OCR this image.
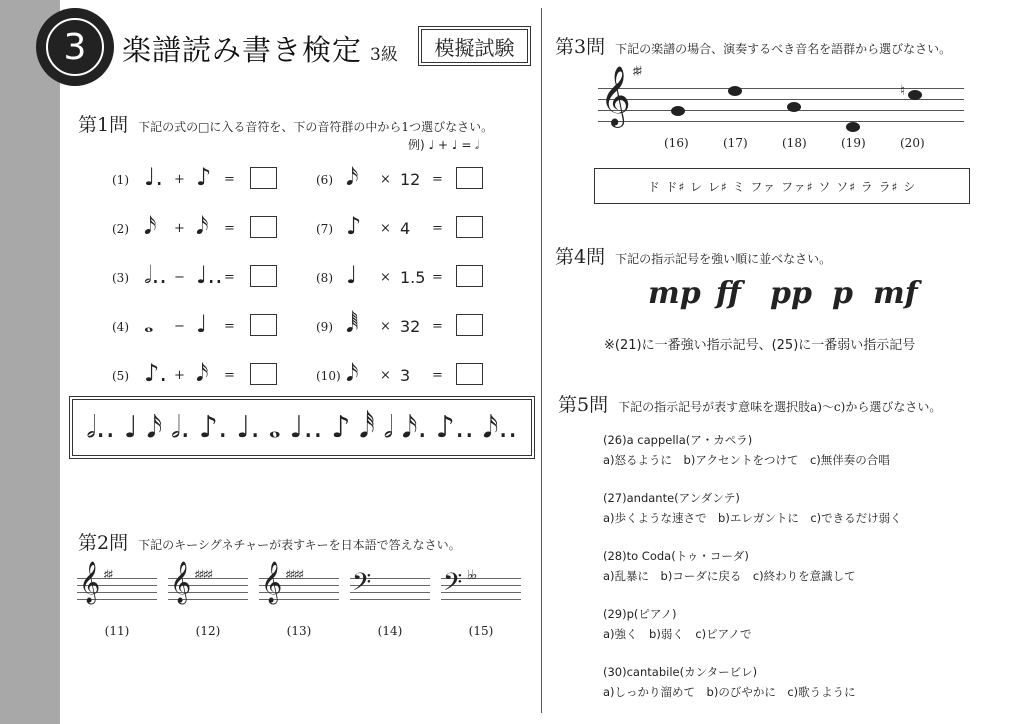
3	楽譜読み書き検定 3級	模擬試験
第1問 下記の式の□に入る音符を、下の音符群の中から1つ選びなさい。
例) ♩ + ♩ = 𝅗𝅥
(1) ♩. + ♪ =
(2) 𝅘𝅥𝅯 + 𝅘𝅥𝅯 =
(3) 𝅗𝅥.. − ♩.. =
(4) 𝅝 − ♩ =
(5) ♪. + 𝅘𝅥𝅯 =
(6) 𝅘𝅥𝅯 × 12 =
(7) ♪ × 4 =
(8) ♩ × 1.5 =
(9) 𝅘𝅥𝅱 × 32 =
(10) 𝅘𝅥𝅯 × 3 =
𝅗𝅥.. ♩ 𝅘𝅥𝅯 𝅗𝅥. ♪. ♩. 𝅝 ♩.. ♪ 𝅘𝅥𝅰 𝅗𝅥 𝅘𝅥𝅯. ♪.. 𝅘𝅥𝅯..
第2問 下記のキーシグネチャーが表すキーを日本語で答えなさい。
𝄞 ♯♯
(11)
𝄞 ♯♯♯♯
(12)
𝄞 ♯♯♯♯
(13)
𝄢
(14)
𝄢 ♭♭
(15)
第3問 下記の楽譜の場合、演奏するべき音名を語群から選びなさい。
𝄞 ♯♯
♮
(16)	(17)	(18)	(19)	(20)
ド ド♯ レ レ♯ ミ ファ ファ♯ ソ ソ♯ ラ ラ♯ シ
第4問 下記の指示記号を強い順に並べなさい。
mp ff pp p mf
※(21)に一番強い指示記号、(25)に一番弱い指示記号
第5問 下記の指示記号が表す意味を選択肢a)〜c)から選びなさい。
(26)a cappella(ア・カペラ)
a)怒るように　b)アクセントをつけて　c)無伴奏の合唱
(27)andante(アンダンテ)
a)歩くような速さで　b)エレガントに　c)できるだけ弱く
(28)to Coda(トゥ・コーダ)
a)乱暴に　b)コーダに戻る　c)終わりを意識して
(29)p(ピアノ)
a)強く　b)弱く　c)ピアノで
(30)cantabile(カンタービレ)
a)しっかり溜めて　b)のびやかに　c)歌うように
